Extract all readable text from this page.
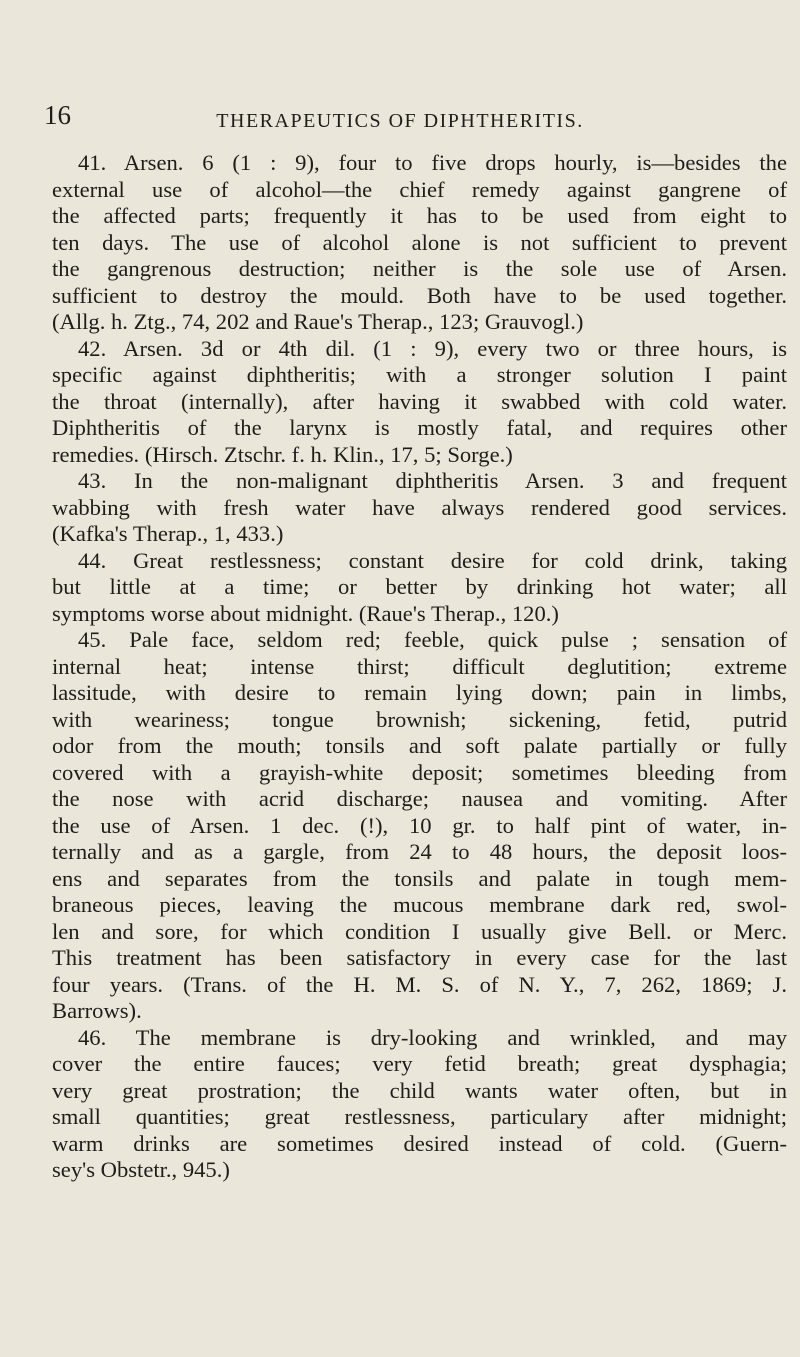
16	THERAPEUTICS OF DIPHTHERITIS.
41. Arsen. 6 (1 : 9), four to five drops hourly, is—besides the
external use of alcohol—the chief remedy against gangrene of
the affected parts; frequently it has to be used from eight to
ten days. The use of alcohol alone is not sufficient to prevent
the gangrenous destruction; neither is the sole use of Arsen.
sufficient to destroy the mould. Both have to be used together.
(Allg. h. Ztg., 74, 202 and Raue's Therap., 123; Grauvogl.)
42. Arsen. 3d or 4th dil. (1 : 9), every two or three hours, is
specific against diphtheritis; with a stronger solution I paint
the throat (internally), after having it swabbed with cold water.
Diphtheritis of the larynx is mostly fatal, and requires other
remedies. (Hirsch. Ztschr. f. h. Klin., 17, 5; Sorge.)
43. In the non-malignant diphtheritis Arsen. 3 and frequent
wabbing with fresh water have always rendered good services.
(Kafka's Therap., 1, 433.)
44. Great restlessness; constant desire for cold drink, taking
but little at a time; or better by drinking hot water; all
symptoms worse about midnight. (Raue's Therap., 120.)
45. Pale face, seldom red; feeble, quick pulse ; sensation of
internal heat; intense thirst; difficult deglutition; extreme
lassitude, with desire to remain lying down; pain in limbs,
with weariness; tongue brownish; sickening, fetid, putrid
odor from the mouth; tonsils and soft palate partially or fully
covered with a grayish-white deposit; sometimes bleeding from
the nose with acrid discharge; nausea and vomiting. After
the use of Arsen. 1 dec. (!), 10 gr. to half pint of water, in-
ternally and as a gargle, from 24 to 48 hours, the deposit loos-
ens and separates from the tonsils and palate in tough mem-
braneous pieces, leaving the mucous membrane dark red, swol-
len and sore, for which condition I usually give Bell. or Merc.
This treatment has been satisfactory in every case for the last
four years. (Trans. of the H. M. S. of N. Y., 7, 262, 1869; J.
Barrows).
46. The membrane is dry-looking and wrinkled, and may
cover the entire fauces; very fetid breath; great dysphagia;
very great prostration; the child wants water often, but in
small quantities; great restlessness, particulary after midnight;
warm drinks are sometimes desired instead of cold. (Guern-
sey's Obstetr., 945.)
